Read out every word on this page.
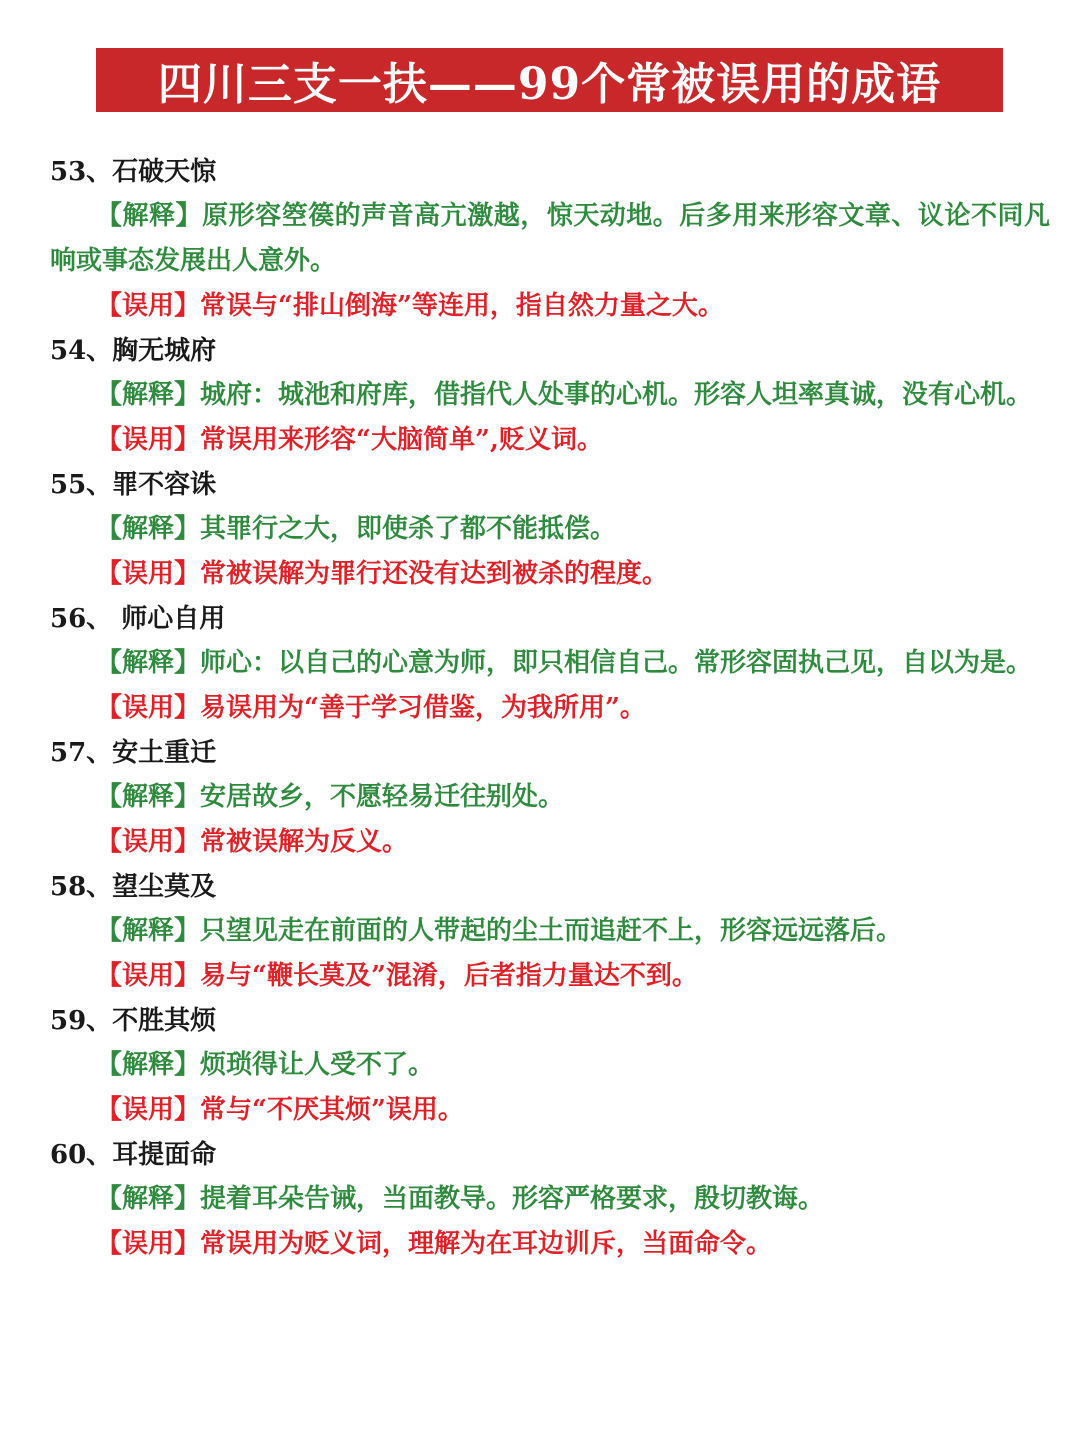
四川三支一扶——99个常被误用的成语
53、石破天惊
【解释】原形容箜篌的声音高亢激越，惊天动地。后多用来形容文章、议论不同凡响或事态发展出人意外。
【误用】常误与“排山倒海”等连用，指自然力量之大。
54、胸无城府
【解释】城府：城池和府库，借指代人处事的心机。形容人坦率真诚，没有心机。
【误用】常误用来形容“大脑简单”,贬义词。
55、罪不容诛
【解释】其罪行之大，即使杀了都不能抵偿。
【误用】常被误解为罪行还没有达到被杀的程度。
56、 师心自用
【解释】师心：以自己的心意为师，即只相信自己。常形容固执己见，自以为是。
【误用】易误用为“善于学习借鉴，为我所用”。
57、安土重迁
【解释】安居故乡，不愿轻易迁往别处。
【误用】常被误解为反义。
58、望尘莫及
【解释】只望见走在前面的人带起的尘土而追赶不上，形容远远落后。
【误用】易与“鞭长莫及”混淆，后者指力量达不到。
59、不胜其烦
【解释】烦琐得让人受不了。
【误用】常与“不厌其烦”误用。
60、耳提面命
【解释】提着耳朵告诫，当面教导。形容严格要求，殷切教诲。
【误用】常误用为贬义词，理解为在耳边训斥，当面命令。
